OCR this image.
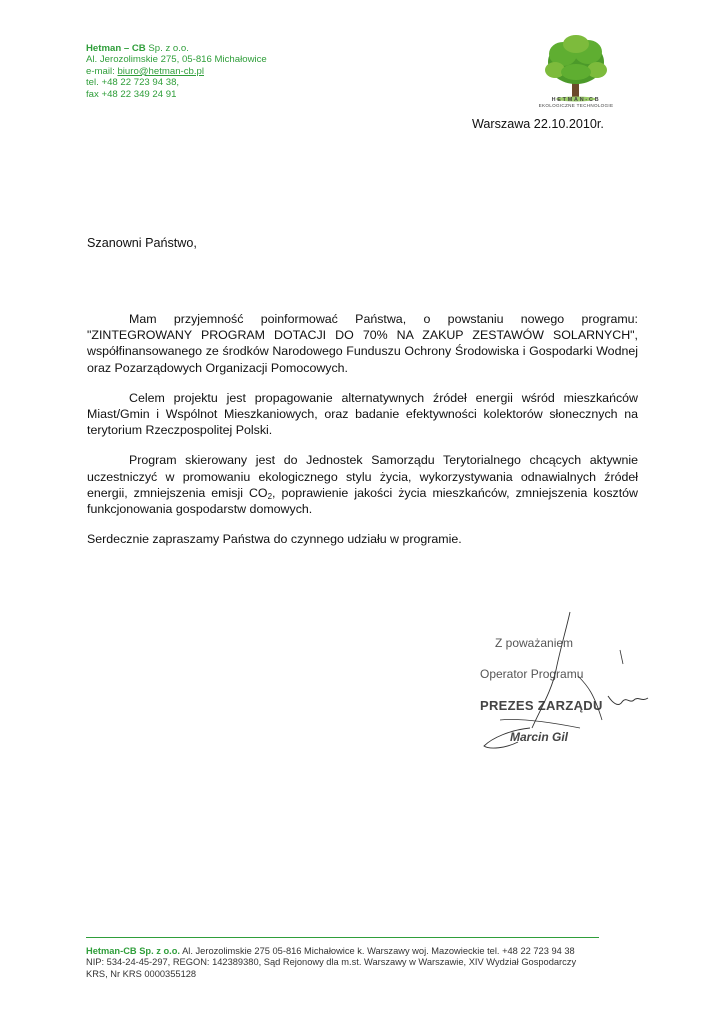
Hetman – CB Sp. z o.o.
Al. Jerozolimskie 275, 05-816 Michałowice
e-mail: biuro@hetman-cb.pl
tel. +48 22 723 94 38,
fax +48 22 349 24 91
HETMAN-CB
EKOLOGICZNE TECHNOLOGIE
Warszawa 22.10.2010r.
Szanowni Państwo,

Mam przyjemność poinformować Państwa, o powstaniu nowego programu: "ZINTEGROWANY PROGRAM DOTACJI DO 70% NA ZAKUP ZESTAWÓW SOLARNYCH", współfinansowanego ze środków Narodowego Funduszu Ochrony Środowiska i Gospodarki Wodnej oraz Pozarządowych Organizacji Pomocowych.

Celem projektu jest propagowanie alternatywnych źródeł energii wśród mieszkańców Miast/Gmin i Wspólnot Mieszkaniowych, oraz badanie efektywności kolektorów słonecznych na terytorium Rzeczpospolitej Polski.

Program skierowany jest do Jednostek Samorządu Terytorialnego chcących aktywnie uczestniczyć w promowaniu ekologicznego stylu życia, wykorzystywania odnawialnych źródeł energii, zmniejszenia emisji $CO_2$, poprawienie jakości życia mieszkańców, zmniejszenia kosztów funkcjonowania gospodarstw domowych.

Serdecznie zapraszamy Państwa do czynnego udziału w programie.

Z poważaniem
Operator Programu
PREZES ZARZĄDU
Marcin Gil
Hetman-CB Sp. z o.o. Al. Jerozolimskie 275 05-816 Michałowice k. Warszawy woj. Mazowieckie tel. +48 22 723 94 38
NIP: 534-24-45-297, REGON: 142389380, Sąd Rejonowy dla m.st. Warszawy w Warszawie, XIV Wydział Gospodarczy
KRS, Nr KRS 0000355128
